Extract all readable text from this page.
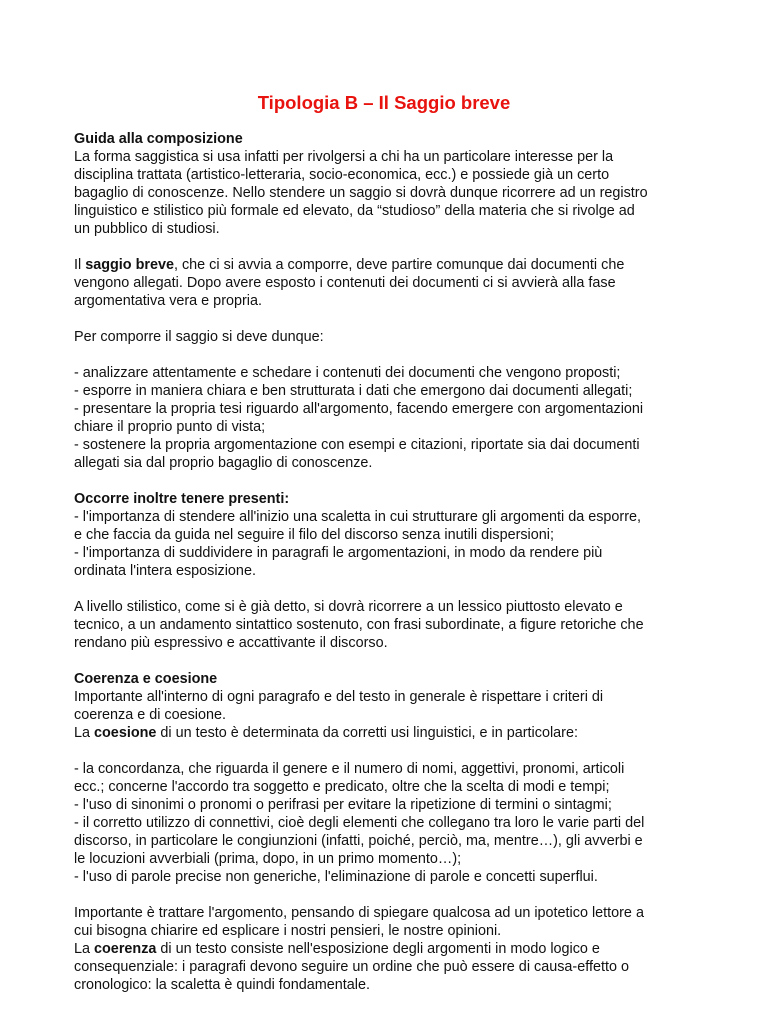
Tipologia B – Il Saggio breve
Guida alla composizione
La forma saggistica si usa infatti per rivolgersi a chi ha un particolare interesse per la
disciplina trattata (artistico-letteraria, socio-economica, ecc.) e possiede già un certo
bagaglio di conoscenze. Nello stendere un saggio si dovrà dunque ricorrere ad un registro
linguistico e stilistico più formale ed elevato, da “studioso” della materia che si rivolge ad
un pubblico di studiosi.
Il saggio breve, che ci si avvia a comporre, deve partire comunque dai documenti che
vengono allegati. Dopo avere esposto i contenuti dei documenti ci si avvierà alla fase
argomentativa vera e propria.
Per comporre il saggio si deve dunque:
- analizzare attentamente e schedare i contenuti dei documenti che vengono proposti;
- esporre in maniera chiara e ben strutturata i dati che emergono dai documenti allegati;
- presentare la propria tesi riguardo all'argomento, facendo emergere con argomentazioni
chiare il proprio punto di vista;
- sostenere la propria argomentazione con esempi e citazioni, riportate sia dai documenti
allegati sia dal proprio bagaglio di conoscenze.
Occorre inoltre tenere presenti:
- l'importanza di stendere all'inizio una scaletta in cui strutturare gli argomenti da esporre,
e che faccia da guida nel seguire il filo del discorso senza inutili dispersioni;
- l'importanza di suddividere in paragrafi le argomentazioni, in modo da rendere più
ordinata l'intera esposizione.
A livello stilistico, come si è già detto, si dovrà ricorrere a un lessico piuttosto elevato e
tecnico, a un andamento sintattico sostenuto, con frasi subordinate, a figure retoriche che
rendano più espressivo e accattivante il discorso.
Coerenza e coesione
Importante all'interno di ogni paragrafo e del testo in generale è rispettare i criteri di
coerenza e di coesione.
La coesione di un testo è determinata da corretti usi linguistici, e in particolare:
- la concordanza, che riguarda il genere e il numero di nomi, aggettivi, pronomi, articoli
ecc.; concerne l'accordo tra soggetto e predicato, oltre che la scelta di modi e tempi;
- l'uso di sinonimi o pronomi o perifrasi per evitare la ripetizione di termini o sintagmi;
- il corretto utilizzo di connettivi, cioè degli elementi che collegano tra loro le varie parti del
discorso, in particolare le congiunzioni (infatti, poiché, perciò, ma, mentre…), gli avverbi e
le locuzioni avverbiali (prima, dopo, in un primo momento…);
- l'uso di parole precise non generiche, l'eliminazione di parole e concetti superflui.
Importante è trattare l'argomento, pensando di spiegare qualcosa ad un ipotetico lettore a
cui bisogna chiarire ed esplicare i nostri pensieri, le nostre opinioni.
La coerenza di un testo consiste nell'esposizione degli argomenti in modo logico e
consequenziale: i paragrafi devono seguire un ordine che può essere di causa-effetto o
cronologico: la scaletta è quindi fondamentale.
